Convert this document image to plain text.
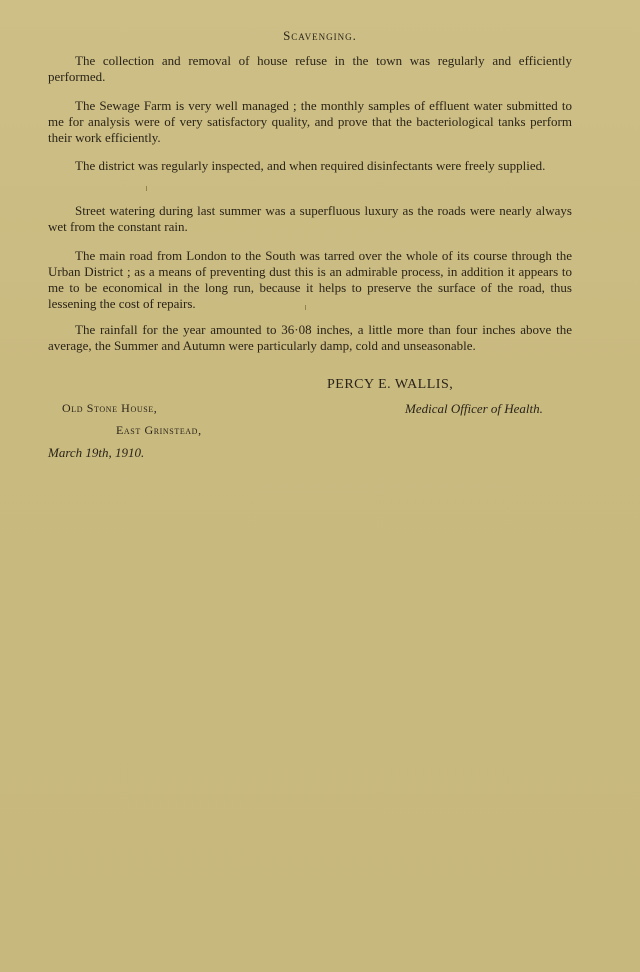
Scavenging.

The collection and removal of house refuse in the town was regularly and efficiently performed.

The Sewage Farm is very well managed ; the monthly samples of effluent water submitted to me for analysis were of very satisfactory quality, and prove that the bacteriological tanks perform their work efficiently.

The district was regularly inspected, and when required disinfectants were freely supplied.

Street watering during last summer was a superfluous luxury as the roads were nearly always wet from the constant rain.

The main road from London to the South was tarred over the whole of its course through the Urban District ; as a means of preventing dust this is an admirable process, in addition it appears to me to be economical in the long run, because it helps to preserve the surface of the road, thus lessening the cost of repairs.

The rainfall for the year amounted to 36·08 inches, a little more than four inches above the average, the Summer and Autumn were particularly damp, cold and unseasonable.

PERCY E. WALLIS,
Medical Officer of Health.
Old Stone House,
East Grinstead,
March 19th, 1910.
